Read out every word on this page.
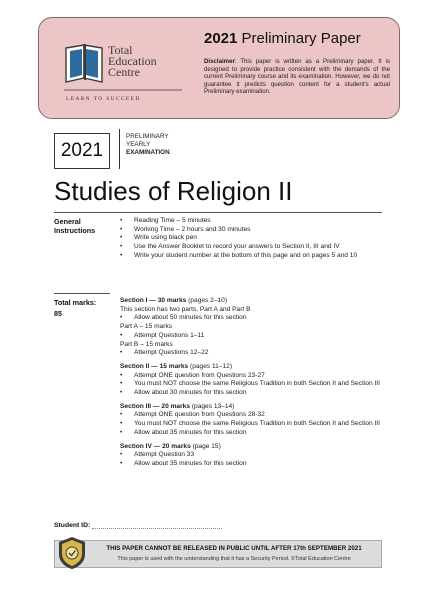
Total
Education
Centre
LEARN TO SUCCEED
2021 Preliminary Paper
Disclaimer: This paper is written as a Preliminary paper. It is designed to provide practice consistent with the demands of the current Preliminary course and its examination. However, we do not guarantee it predicts question content for a student's actual Preliminary examination.
2021
PRELIMINARY
YEARLY
EXAMINATION
Studies of Religion II
General
Instructions
• Reading Time – 5 minutes
• Working Time – 2 hours and 30 minutes
• Write using black pen
• Use the Answer Booklet to record your answers to Section II, III and IV
• Write your student number at the bottom of this page and on pages 5 and 10
Total marks:
85
Section I — 30 marks (pages 2–10)
This section has two parts, Part A and Part B
• Allow about 50 minutes for this section
Part A – 15 marks
• Attempt Questions 1–11
Part B – 15 marks
• Attempt Questions 12–22
Section II — 15 marks (pages 11–12)
• Attempt ONE question from Questions 23-27
• You must NOT choose the same Religious Tradition in both Section II and Section III
• Allow about 30 minutes for this section
Section III — 20 marks (pages 13–14)
• Attempt ONE question from Questions 28-32
• You must NOT choose the same Religious Tradition in both Section II and Section III
• Allow about 35 minutes for this section
Section IV — 20 marks (page 15)
• Attempt Question 33
• Allow about 35 minutes for this section
Student ID:
THIS PAPER CANNOT BE RELEASED IN PUBLIC UNTIL AFTER 17th SEPTEMBER 2021
This paper is used with the understanding that it has a Security Period. ©Total Education Centre
